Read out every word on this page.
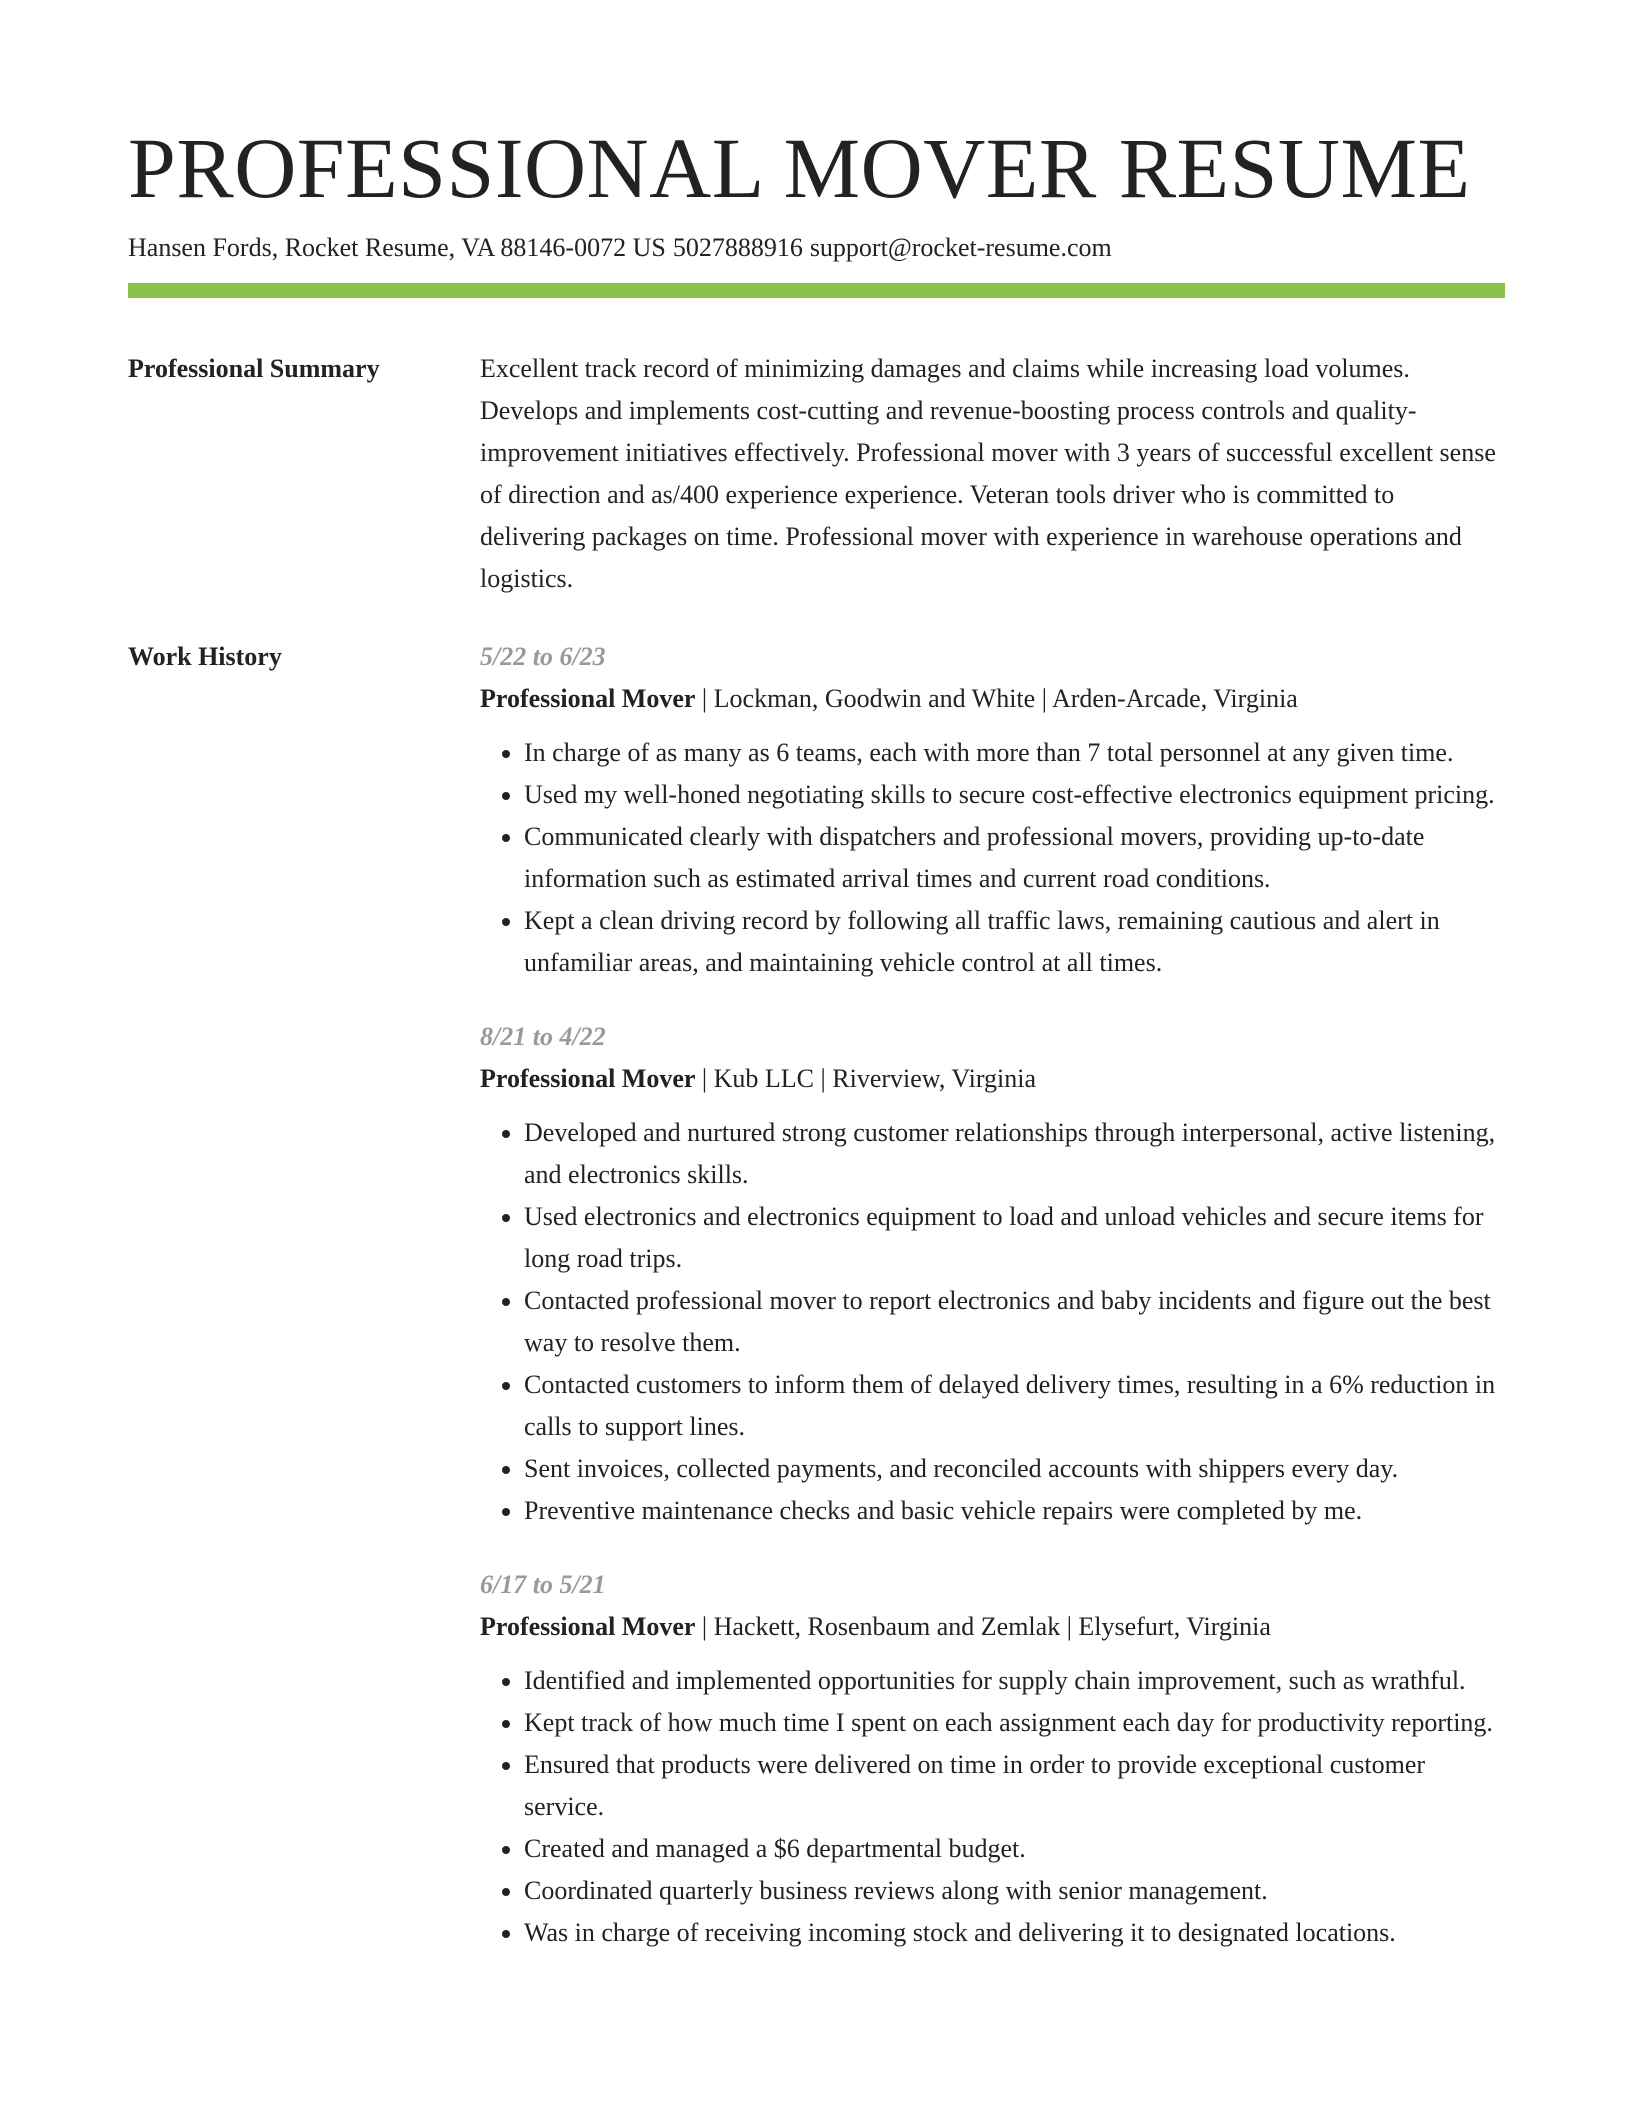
PROFESSIONAL MOVER RESUME
Hansen Fords, Rocket Resume, VA 88146-0072 US 5027888916 support@rocket-resume.com
Professional Summary	Excellent track record of minimizing damages and claims while increasing load volumes. Develops and implements cost-cutting and revenue-boosting process controls and quality-improvement initiatives effectively. Professional mover with 3 years of successful excellent sense of direction and as/400 experience experience. Veteran tools driver who is committed to delivering packages on time. Professional mover with experience in warehouse operations and logistics.

Work History	5/22 to 6/23
Professional Mover | Lockman, Goodwin and White | Arden-Arcade, Virginia
• In charge of as many as 6 teams, each with more than 7 total personnel at any given time.
• Used my well-honed negotiating skills to secure cost-effective electronics equipment pricing.
• Communicated clearly with dispatchers and professional movers, providing up-to-date information such as estimated arrival times and current road conditions.
• Kept a clean driving record by following all traffic laws, remaining cautious and alert in unfamiliar areas, and maintaining vehicle control at all times.
8/21 to 4/22
Professional Mover | Kub LLC | Riverview, Virginia
• Developed and nurtured strong customer relationships through interpersonal, active listening, and electronics skills.
• Used electronics and electronics equipment to load and unload vehicles and secure items for long road trips.
• Contacted professional mover to report electronics and baby incidents and figure out the best way to resolve them.
• Contacted customers to inform them of delayed delivery times, resulting in a 6% reduction in calls to support lines.
• Sent invoices, collected payments, and reconciled accounts with shippers every day.
• Preventive maintenance checks and basic vehicle repairs were completed by me.
6/17 to 5/21
Professional Mover | Hackett, Rosenbaum and Zemlak | Elysefurt, Virginia
• Identified and implemented opportunities for supply chain improvement, such as wrathful.
• Kept track of how much time I spent on each assignment each day for productivity reporting.
• Ensured that products were delivered on time in order to provide exceptional customer service.
• Created and managed a $6 departmental budget.
• Coordinated quarterly business reviews along with senior management.
• Was in charge of receiving incoming stock and delivering it to designated locations.
